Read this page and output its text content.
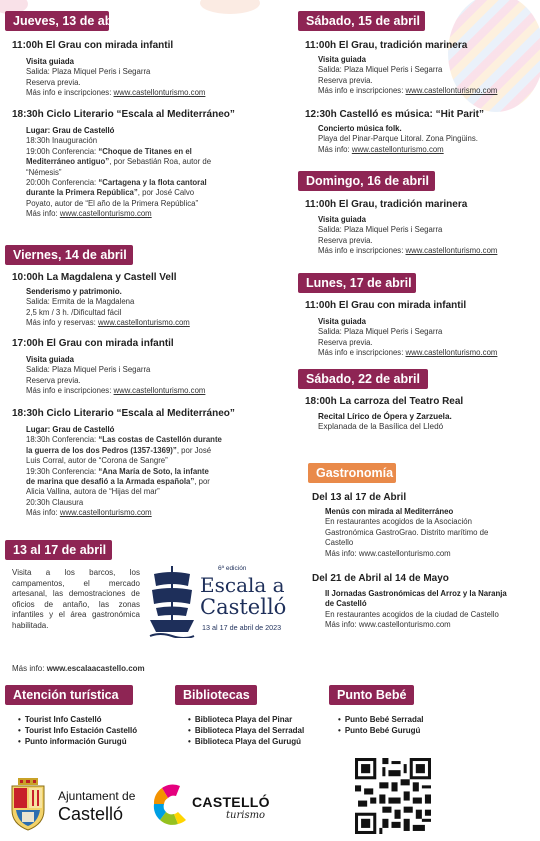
Jueves, 13 de abril
11:00h El Grau con mirada infantil
Visita guiada
Salida: Plaza Miquel Peris i Segarra
Reserva previa.
Más info e inscripciones: www.castellonturismo.com
18:30h Ciclo Literario “Escala al Mediterráneo”
Lugar: Grau de Castelló
18:30h Inauguración
19:00h Conferencia: “Choque de Titanes en el
Mediterráneo antiguo”, por Sebastián Roa, autor de
“Némesis”
20:00h Conferencia: “Cartagena y la flota cantoral
durante la Primera República”, por José Calvo
Poyato, autor de “El año de la Primera República”
Más info: www.castellonturismo.com
Viernes, 14 de abril
10:00h La Magdalena y Castell Vell
Senderismo y patrimonio.
Salida: Ermita de la Magdalena
2,5 km / 3 h. /Dificultad fácil
Más info y reservas: www.castellonturismo.com
17:00h El Grau con mirada infantil
Visita guiada
Salida: Plaza Miquel Peris i Segarra
Reserva previa.
Más info e inscripciones: www.castellonturismo.com
18:30h Ciclo Literario “Escala al Mediterráneo”
Lugar: Grau de Castelló
18:30h Conferencia: “Las costas de Castellón durante
la guerra de los dos Pedros (1357-1369)”, por José
Luis Corral, autor de “Corona de Sangre”
19:30h Conferencia: “Ana María de Soto, la infante
de marina que desafió a la Armada española”, por
Alicia Vallina, autora de “Hijas del mar”
20:30h Clausura
Más info: www.castellonturismo.com
13 al 17 de abril
Visita a los barcos, los campamentos, el mercado artesanal, las demostraciones de oficios de antaño, las zonas infantiles y el área gastronómica habilitada.
6ª edición
Escala a
Castelló
13 al 17 de abril de 2023
Más info: www.escalaacastello.com
Sábado, 15 de abril
11:00h El Grau, tradición marinera
Visita guiada
Salida: Plaza Miquel Peris i Segarra
Reserva previa.
Más info e inscripciones: www.castellonturismo.com
12:30h Castelló es música: “Hit Parit”
Concierto música folk.
Playa del Pinar-Parque Litoral. Zona Pingüins.
Más info: www.castellonturismo.com
Domingo, 16 de abril
11:00h El Grau, tradición marinera
Visita guiada
Salida: Plaza Miquel Peris i Segarra
Reserva previa.
Más info e inscripciones: www.castellonturismo.com
Lunes, 17 de abril
11:00h El Grau con mirada infantil
Visita guiada
Salida: Plaza Miquel Peris i Segarra
Reserva previa.
Más info e inscripciones: www.castellonturismo.com
Sábado, 22 de abril
18:00h La carroza del Teatro Real
Recital Lírico de Ópera y Zarzuela.
Explanada de la Basílica del Lledó
Gastronomía
Del 13 al 17 de Abril
Menús con mirada al Mediterráneo
En restaurantes acogidos de la Asociación
Gastronómica GastroGrao. Distrito marítimo de
Castello
Más info: www.castellonturismo.com
Del 21 de Abril al 14 de Mayo
II Jornadas Gastronómicas del Arroz y la Naranja
de Castelló
En restaurantes acogidos de la ciudad de Castello
Más info: www.castellonturismo.com
Atención turística
• Tourist Info Castelló
• Tourist Info Estación Castelló
• Punto información Gurugú
Bibliotecas
• Biblioteca Playa del Pinar
• Biblioteca Playa del Serradal
• Biblioteca Playa del Gurugú
Punto Bebé
• Punto Bebé Serradal
• Punto Bebé Gurugú
Ajuntament de
Castelló
CASTELLÓ
turismo
